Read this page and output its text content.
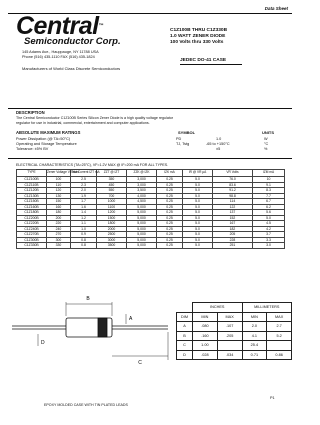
Data Sheet
Central™
Semiconductor Corp.
145 Adams Ave., Hauppauge, NY 11788 USA
Phone (516) 435-1110 FAX (516) 435-1824
Manufacturers of World Class Discrete Semiconductors
C1Z100B THRU C1Z330B
1.0 WATT ZENER DIODE
100 Volts thru 330 Volts
JEDEC DO-41 CASE
DESCRIPTION
The Central Semiconductor C1Z100B Series Silicon Zener Diode is a high quality voltage regulator
regulator for use in industrial, commercial, entertainment and computer applications.
ABSOLUTE MAXIMUM RATINGS	SYMBOL	UNITS
Power Dissipation (@ TA=50°C)	PD	1.0	W
Operating and Storage Temperature	TJ, Tstg	-65 to +150°C	°C
Tolerance: ±5% BV	±5	%
ELECTRICAL CHARACTERISTICS (TA=25°C), VF=1.2V MAX @ IF=200 mA FOR ALL TYPES.
TYPE	Zener Voltage Vz Nom	Test Current IZT mA	ZZT @ IZT	ZZK @ IZK	IZK mA	IR @ VR µA	VR Volts	IZM mA
C1Z100B	100	2.5	350	3,000	0.25	5.0	76.0	10
C1Z110B	110	2.3	450	3,000	0.25	5.0	83.6	9.1
C1Z120B	120	2.0	550	3,500	0.25	5.0	91.2	8.3
C1Z130B	130	1.9	700	4,000	0.25	5.0	98.8	7.7
C1Z150B	150	1.7	1000	4,500	0.25	5.0	114	6.7
C1Z160B	160	1.6	1100	5,000	0.25	5.0	122	6.2
C1Z180B	180	1.4	1200	5,000	0.25	5.0	137	5.6
C1Z200B	200	1.2	1500	5,000	0.25	5.0	152	5.0
C1Z220B	220	1.1	1800	5,000	0.25	5.0	167	4.5
C1Z240B	240	1.0	2000	5,000	0.25	5.0	182	4.2
C1Z270B	270	0.9	2500	5,000	0.25	5.0	205	3.7
C1Z300B	300	0.8	3000	5,000	0.25	5.0	228	3.3
C1Z330B	330	0.8	3500	5,000	0.25	5.0	251	3.0
B
C
A
D
	INCHES		MILLIMETERS	
DIM	MIN	MAX	MIN	MAX
A	.080	.107	2.0	2.7
B	.160	.205	4.1	5.2
C	1.00		25.4	
D	.028	.034	0.71	0.86
EPOXY MOLDED CASE WITH TIN PLATED LEADS
P1
